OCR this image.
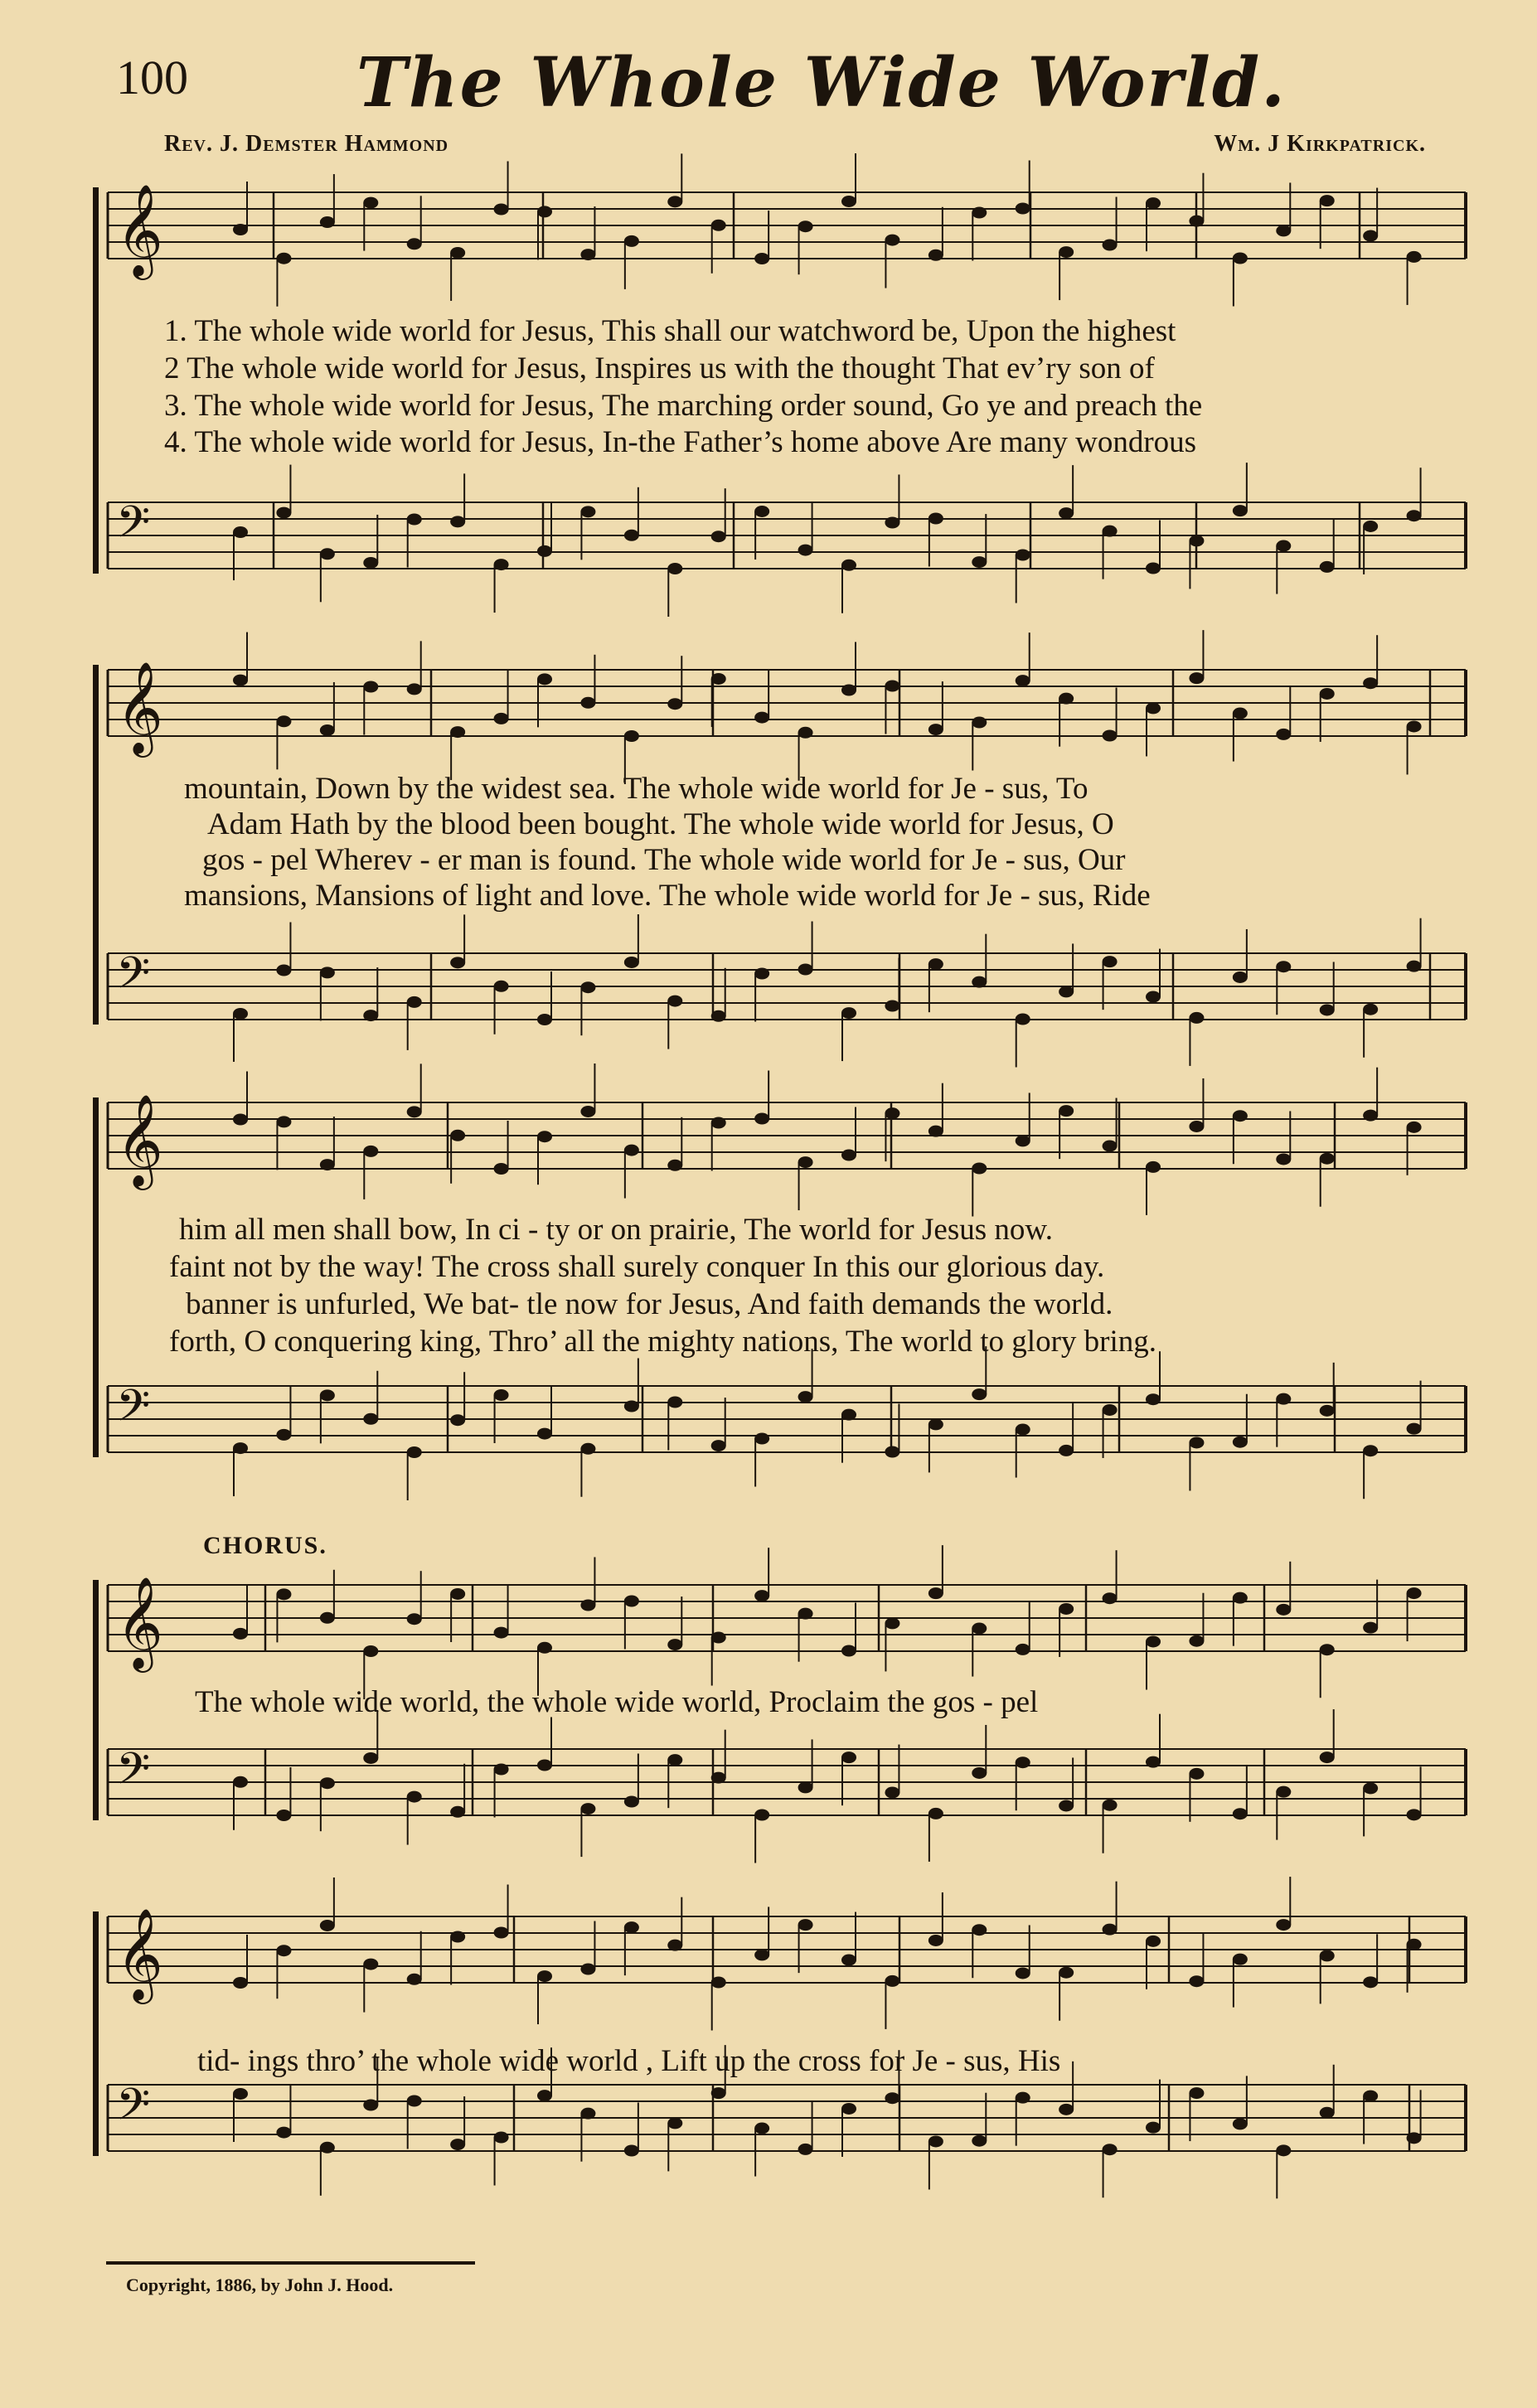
100 The Whole Wide World.
Rev. J. Demster Hammond	Wm. J Kirkpatrick.
𝄞
𝄢
𝄞
𝄢
𝄞
𝄢
𝄞
𝄢
𝄞
𝄢
1. The whole wide world for Jesus, This shall our watchword be, Upon the highest
2 The whole wide world for Jesus, Inspires us with the thought That ev’ry son of
3. The whole wide world for Jesus, The marching order sound, Go ye and preach the
4. The whole wide world for Jesus, In-the Father’s home above Are many wondrous
mountain, Down by the widest sea. The whole wide world for Je - sus, To
Adam Hath by the blood been bought. The whole wide world for Jesus, O
gos - pel Wherev - er man is found. The whole wide world for Je - sus, Our
mansions, Mansions of light and love. The whole wide world for Je - sus, Ride
him all men shall bow, In ci - ty or on prairie, The world for Jesus now.
faint not by the way! The cross shall surely conquer In this our glorious day.
banner is unfurled, We bat- tle now for Jesus, And faith demands the world.
forth, O conquering king, Thro’ all the mighty nations, The world to glory bring.
CHORUS.
The whole wide world, the whole wide world, Proclaim the gos - pel
tid- ings thro’ the whole wide world , Lift up the cross for Je - sus, His
Copyright, 1886, by John J. Hood.
